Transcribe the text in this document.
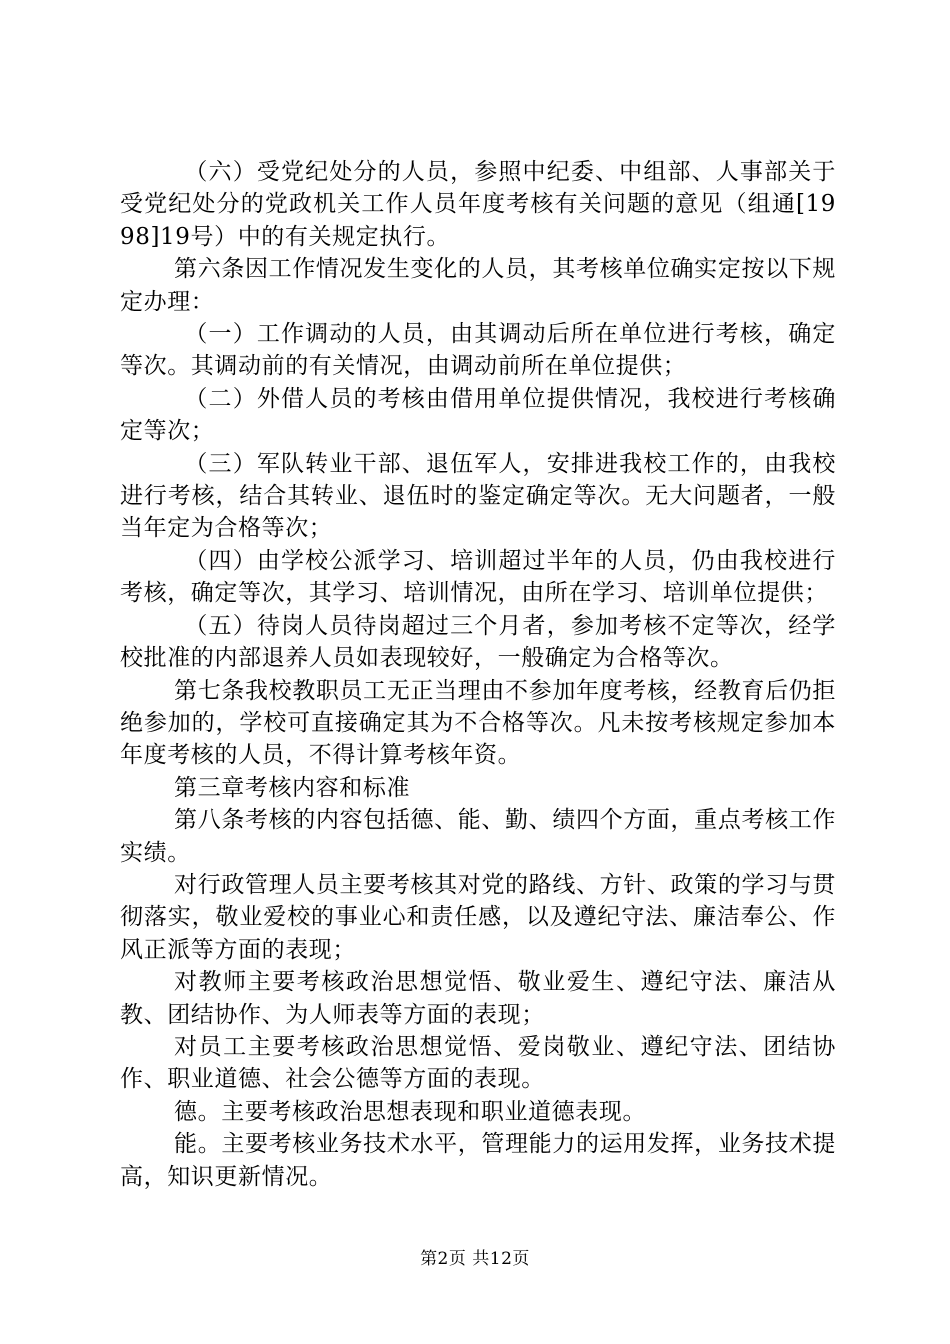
（六）受党纪处分的人员，参照中纪委、中组部、人事部关于受党纪处分的党政机关工作人员年度考核有关问题的意见（组通[1998]19号）中的有关规定执行。

第六条因工作情况发生变化的人员，其考核单位确实定按以下规定办理：

（一）工作调动的人员，由其调动后所在单位进行考核，确定等次。其调动前的有关情况，由调动前所在单位提供；

（二）外借人员的考核由借用单位提供情况，我校进行考核确定等次；

（三）军队转业干部、退伍军人，安排进我校工作的，由我校进行考核，结合其转业、退伍时的鉴定确定等次。无大问题者，一般当年定为合格等次；

（四）由学校公派学习、培训超过半年的人员，仍由我校进行考核，确定等次，其学习、培训情况，由所在学习、培训单位提供；

（五）待岗人员待岗超过三个月者，参加考核不定等次，经学校批准的内部退养人员如表现较好，一般确定为合格等次。

第七条我校教职员工无正当理由不参加年度考核，经教育后仍拒绝参加的，学校可直接确定其为不合格等次。凡未按考核规定参加本年度考核的人员，不得计算考核年资。

第三章考核内容和标准

第八条考核的内容包括德、能、勤、绩四个方面，重点考核工作实绩。

对行政管理人员主要考核其对党的路线、方针、政策的学习与贯彻落实，敬业爱校的事业心和责任感，以及遵纪守法、廉洁奉公、作风正派等方面的表现；

对教师主要考核政治思想觉悟、敬业爱生、遵纪守法、廉洁从教、团结协作、为人师表等方面的表现；

对员工主要考核政治思想觉悟、爱岗敬业、遵纪守法、团结协作、职业道德、社会公德等方面的表现。

德。主要考核政治思想表现和职业道德表现。

能。主要考核业务技术水平，管理能力的运用发挥，业务技术提高，知识更新情况。

第2页 共12页
